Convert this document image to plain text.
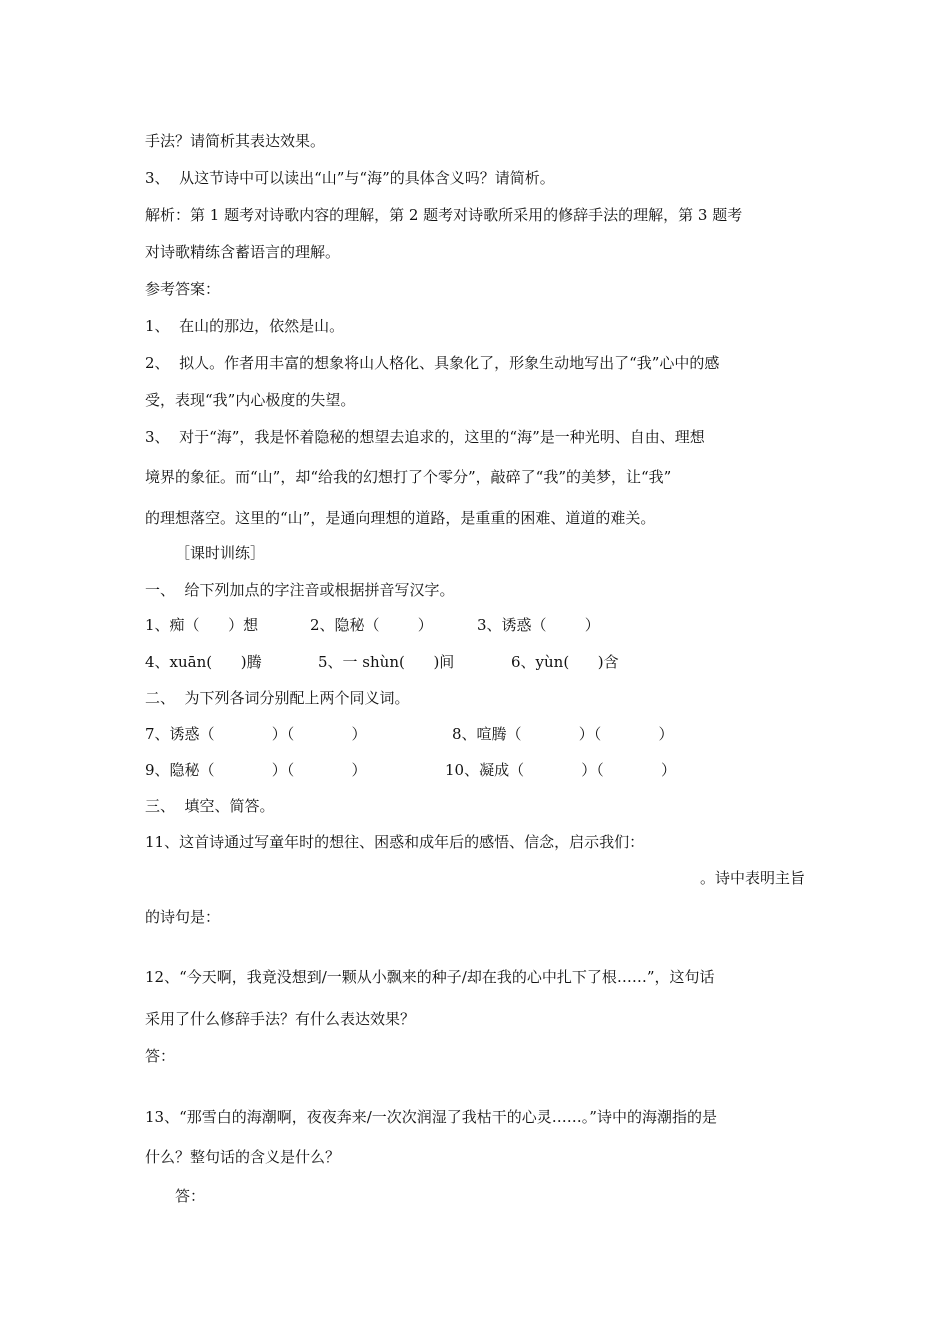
手法？请简析其表达效果。
3、  从这节诗中可以读出“山”与“海”的具体含义吗？请简析。
解析：第 1 题考对诗歌内容的理解，第 2 题考对诗歌所采用的修辞手法的理解，第 3 题考
对诗歌精练含蓄语言的理解。
参考答案：
1、  在山的那边，依然是山。
2、  拟人。作者用丰富的想象将山人格化、具象化了，形象生动地写出了“我”心中的感
受，表现“我”内心极度的失望。
3、  对于“海”，我是怀着隐秘的想望去追求的，这里的“海”是一种光明、自由、理想
境界的象征。而“山”，却“给我的幻想打了个零分”，敲碎了“我”的美梦，让“我”
的理想落空。这里的“山”，是通向理想的道路，是重重的困难、道道的难关。
［课时训练］
一、  给下列加点的字注音或根据拼音写汉字。

1、痴（      ）想

	2、隐秘（        ）

	3、诱惑（        ）

4、xuān(      )腾

	5、一 shùn(      )间

	6、yùn(      )含

二、  为下列各词分别配上两个同义词。

7、诱惑（            ）（            ）

	8、喧腾（            ）（            ）

9、隐秘（            ）（            ）

	10、凝成（            ）（            ）

三、  填空、简答。
11、这首诗通过写童年时的想往、困惑和成年后的感悟、信念，启示我们：
。诗中表明主旨
的诗句是：
12、“今天啊，我竟没想到/一颗从小飘来的种子/却在我的心中扎下了根……”，这句话
采用了什么修辞手法？有什么表达效果？
答：
13、“那雪白的海潮啊，夜夜奔来/一次次润湿了我枯干的心灵……。”诗中的海潮指的是
什么？整句话的含义是什么？
答：
